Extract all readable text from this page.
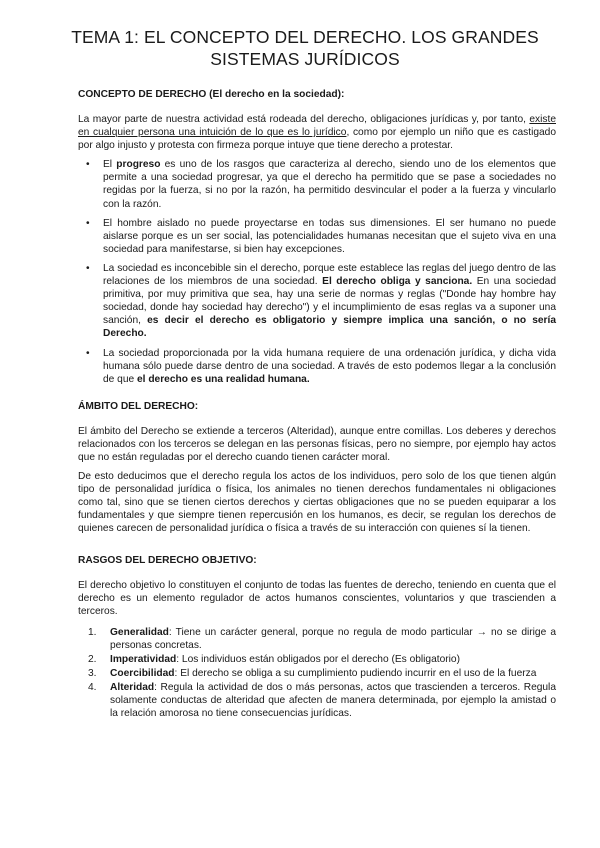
TEMA 1: EL CONCEPTO DEL DERECHO. LOS GRANDES
SISTEMAS JURÍDICOS
CONCEPTO DE DERECHO (El derecho en la sociedad):

La mayor parte de nuestra actividad está rodeada del derecho, obligaciones jurídicas y, por tanto, existe en cualquier persona una intuición de lo que es lo jurídico, como por ejemplo un niño que es castigado por algo injusto y protesta con firmeza porque intuye que tiene derecho a protestar.

• El progreso es uno de los rasgos que caracteriza al derecho, siendo uno de los elementos que permite a una sociedad progresar, ya que el derecho ha permitido que se pase a sociedades no regidas por la fuerza, si no por la razón, ha permitido desvincular el poder a la fuerza y vincularlo con la razón.
• El hombre aislado no puede proyectarse en todas sus dimensiones. El ser humano no puede aislarse porque es un ser social, las potencialidades humanas necesitan que el sujeto viva en una sociedad para manifestarse, si bien hay excepciones.
• La sociedad es inconcebible sin el derecho, porque este establece las reglas del juego dentro de las relaciones de los miembros de una sociedad. El derecho obliga y sanciona. En una sociedad primitiva, por muy primitiva que sea, hay una serie de normas y reglas ("Donde hay hombre hay sociedad, donde hay sociedad hay derecho") y el incumplimiento de esas reglas va a suponer una sanción, es decir el derecho es obligatorio y siempre implica una sanción, o no sería Derecho.
• La sociedad proporcionada por la vida humana requiere de una ordenación jurídica, y dicha vida humana sólo puede darse dentro de una sociedad. A través de esto podemos llegar a la conclusión de que el derecho es una realidad humana.
ÁMBITO DEL DERECHO:

El ámbito del Derecho se extiende a terceros (Alteridad), aunque entre comillas. Los deberes y derechos relacionados con los terceros se delegan en las personas físicas, pero no siempre, por ejemplo hay actos que no están reguladas por el derecho cuando tienen carácter moral.

De esto deducimos que el derecho regula los actos de los individuos, pero solo de los que tienen algún tipo de personalidad jurídica o física, los animales no tienen derechos fundamentales ni obligaciones como tal, sino que se tienen ciertos derechos y ciertas obligaciones que no se pueden equiparar a los fundamentales y que siempre tienen repercusión en los humanos, es decir, se regulan los derechos de quienes carecen de personalidad jurídica o física a través de su interacción con quienes sí la tienen.

RASGOS DEL DERECHO OBJETIVO:

El derecho objetivo lo constituyen el conjunto de todas las fuentes de derecho, teniendo en cuenta que el derecho es un elemento regulador de actos humanos conscientes, voluntarios y que trascienden a terceros.

1. Generalidad: Tiene un carácter general, porque no regula de modo particular → no se dirige a personas concretas.
2. Imperatividad: Los individuos están obligados por el derecho (Es obligatorio)
3. Coercibilidad: El derecho se obliga a su cumplimiento pudiendo incurrir en el uso de la fuerza
4. Alteridad: Regula la actividad de dos o más personas, actos que trascienden a terceros. Regula solamente conductas de alteridad que afecten de manera determinada, por ejemplo la amistad o la relación amorosa no tiene consecuencias jurídicas.
